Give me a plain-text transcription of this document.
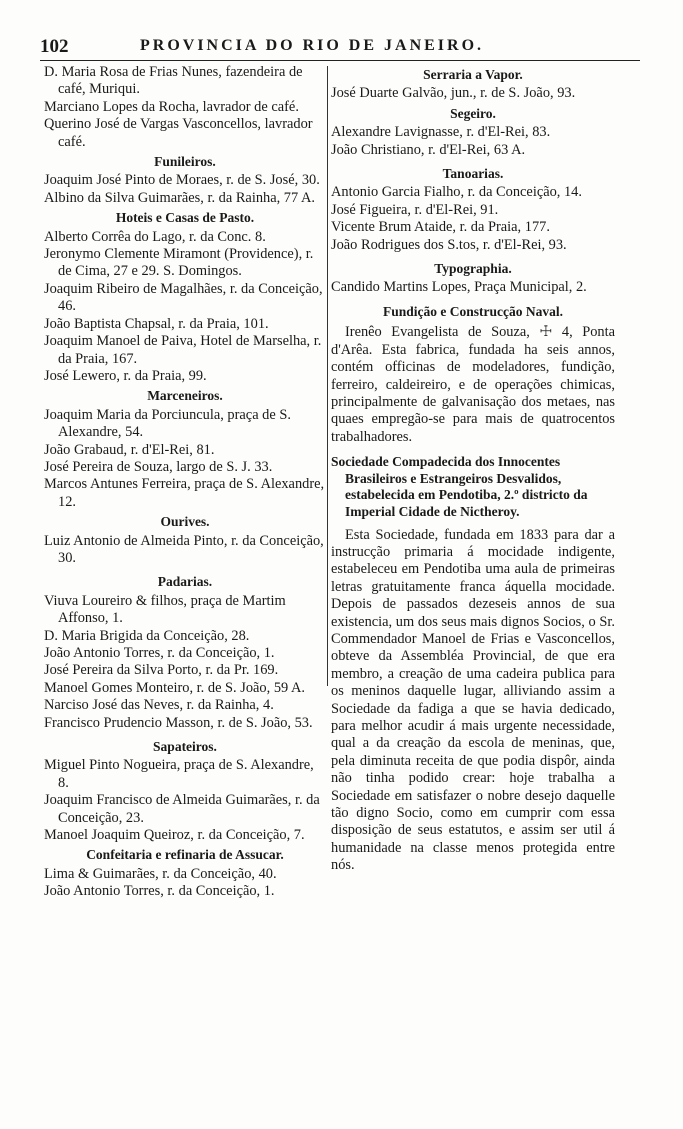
102	PROVINCIA DO RIO DE JANEIRO.

D. Maria Rosa de Frias Nunes, fazendeira de café, Muriqui.

Marciano Lopes da Rocha, lavrador de café.

Querino José de Vargas Vasconcellos, lavrador café.

Funileiros.

Joaquim José Pinto de Moraes, r. de S. José, 30.

Albino da Silva Guimarães, r. da Rainha, 77 A.

Hoteis e Casas de Pasto.

Alberto Corrêa do Lago, r. da Conc. 8.

Jeronymo Clemente Miramont (Providence), r. de Cima, 27 e 29. S. Domingos.

Joaquim Ribeiro de Magalhães, r. da Conceição, 46.

João Baptista Chapsal, r. da Praia, 101.

Joaquim Manoel de Paiva, Hotel de Marselha, r. da Praia, 167.

José Lewero, r. da Praia, 99.

Marceneiros.

Joaquim Maria da Porciuncula, praça de S. Alexandre, 54.

João Grabaud, r. d'El-Rei, 81.

José Pereira de Souza, largo de S. J. 33.

Marcos Antunes Ferreira, praça de S. Alexandre, 12.

Ourives.

Luiz Antonio de Almeida Pinto, r. da Conceição, 30.

Padarias.

Viuva Loureiro & filhos, praça de Martim Affonso, 1.

D. Maria Brigida da Conceição, 28.

João Antonio Torres, r. da Conceição, 1.

José Pereira da Silva Porto, r. da Pr. 169.

Manoel Gomes Monteiro, r. de S. João, 59 A.

Narciso José das Neves, r. da Rainha, 4.

Francisco Prudencio Masson, r. de S. João, 53.

Sapateiros.

Miguel Pinto Nogueira, praça de S. Alexandre, 8.

Joaquim Francisco de Almeida Guimarães, r. da Conceição, 23.

Manoel Joaquim Queiroz, r. da Conceição, 7.

Confeitaria e refinaria de Assucar.

Lima & Guimarães, r. da Conceição, 40.

João Antonio Torres, r. da Conceição, 1.

Serraria a Vapor.

José Duarte Galvão, jun., r. de S. João, 93.

Segeiro.

Alexandre Lavignasse, r. d'El-Rei, 83.

João Christiano, r. d'El-Rei, 63 A.

Tanoarias.

Antonio Garcia Fialho, r. da Conceição, 14.

José Figueira, r. d'El-Rei, 91.

Vicente Brum Ataide, r. da Praia, 177.

João Rodrigues dos S.tos, r. d'El-Rei, 93.

Typographia.

Candido Martins Lopes, Praça Municipal, 2.

Fundição e Construcção Naval.

Irenêo Evangelista de Souza, ☩ 4, Ponta d'Arêa. Esta fabrica, fundada ha seis annos, contém officinas de modeladores, fundição, ferreiro, caldeireiro, e de operações chimicas, principalmente de galvanisação dos metaes, nas quaes empregão-se para mais de quatrocentos trabalhadores.

Sociedade Compadecida dos Innocentes Brasileiros e Estrangeiros Desvalidos, estabelecida em Pendotiba, 2.º districto da Imperial Cidade de Nictheroy.

Esta Sociedade, fundada em 1833 para dar a instrucção primaria á mocidade indigente, estabeleceu em Pendotiba uma aula de primeiras letras gratuitamente franca áquella mocidade. Depois de passados dezeseis annos de sua existencia, um dos seus mais dignos Socios, o Sr. Commendador Manoel de Frias e Vasconcellos, obteve da Assembléa Provincial, de que era membro, a creação de uma cadeira publica para os meninos daquelle lugar, alliviando assim a Sociedade da fadiga a que se havia dedicado, para melhor acudir á mais urgente necessidade, qual a da creação da escola de meninas, que, pela diminuta receita de que podia dispôr, ainda não tinha podido crear: hoje trabalha a Sociedade em satisfazer o nobre desejo daquelle tão digno Socio, como em cumprir com essa disposição de seus estatutos, e assim ser util á humanidade na classe menos protegida entre nós.
